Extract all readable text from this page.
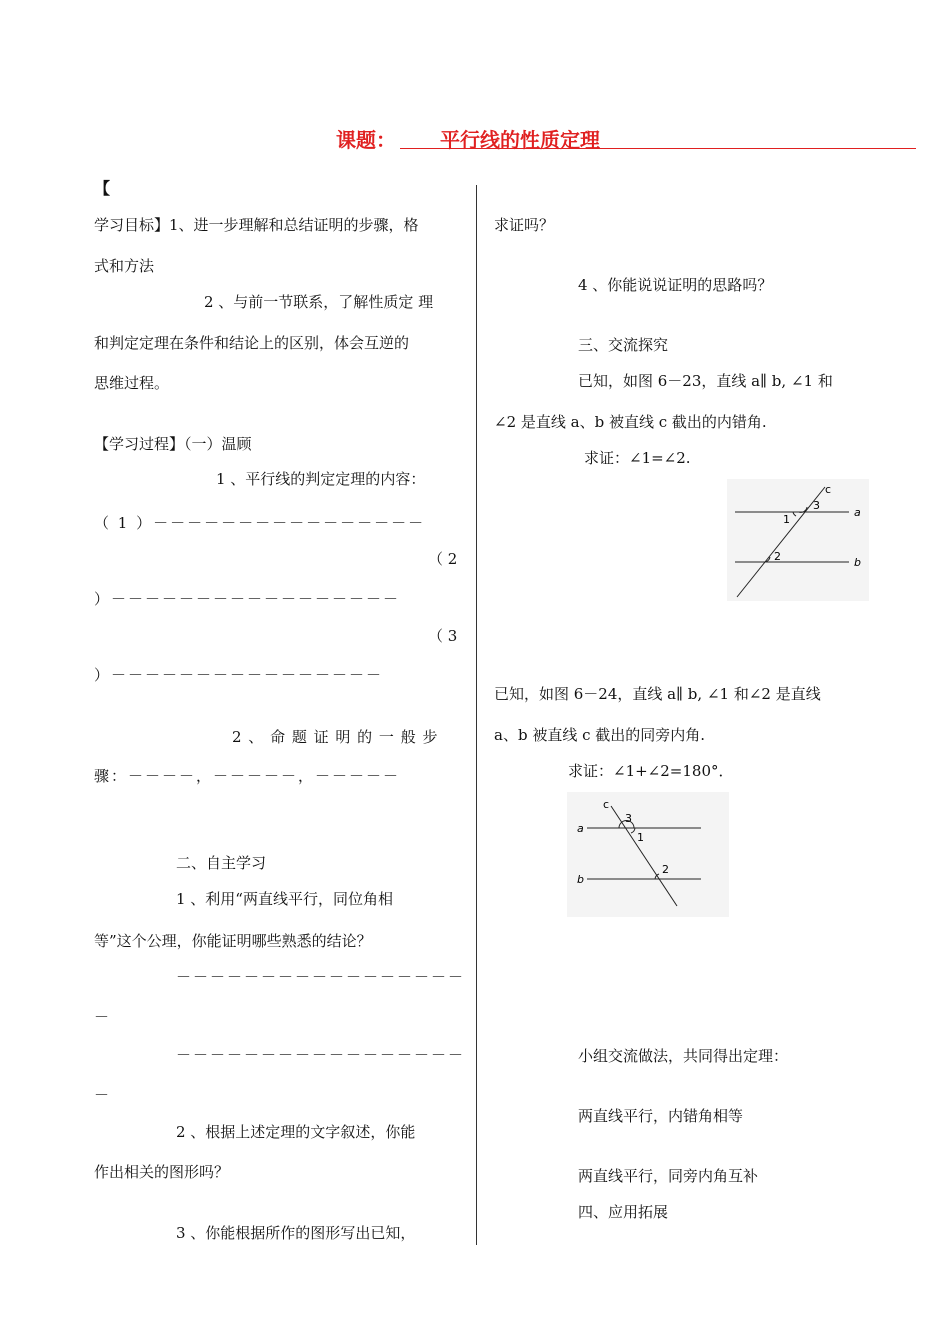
课题： 平行线的性质定理
【
学习目标】1、进一步理解和总结证明的步骤，格
式和方法
2 、与前一节联系，了解性质定 理
和判定定理在条件和结论上的区别，体会互逆的
思维过程。
【学习过程】（一）温顾
1 、平行线的判定定理的内容：
（ 1 ）－－－－－－－－－－－－－－－－
（ 2
）－－－－－－－－－－－－－－－－－
（ 3
）－－－－－－－－－－－－－－－－
2 、 命 题 证 明 的 一 般 步
骤：－－－－，－－－－－，－－－－－
二、自主学习
1 、利用“两直线平行，同位角相
等”这个公理，你能证明哪些熟悉的结论？
－－－－－－－－－－－－－－－－－
－
－－－－－－－－－－－－－－－－－
－
2 、根据上述定理的文字叙述，你能
作出相关的图形吗？
3 、你能根据所作的图形写出已知，
求证吗？
4 、你能说说证明的思路吗？
三、交流探究
已知，如图 6－23，直线 a∥ b, ∠1 和
∠2 是直线 a、b 被直线 c 截出的内错角.
求证：∠1=∠2.
c
a
b
1
2
3
已知，如图 6－24，直线 a∥ b, ∠1 和∠2 是直线
a、b 被直线 c 截出的同旁内角.
求证：∠1+∠2=180°．
c
a
b
1
2
3
小组交流做法，共同得出定理：
两直线平行，内错角相等
两直线平行，同旁内角互补
四、应用拓展
